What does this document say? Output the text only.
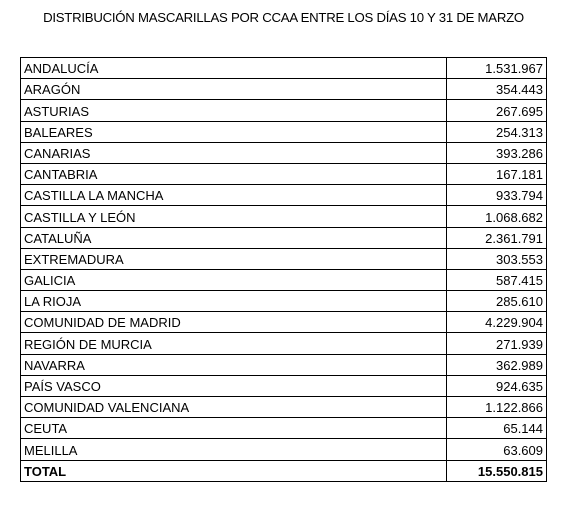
DISTRIBUCIÓN MASCARILLAS POR CCAA ENTRE LOS DÍAS 10 Y 31 DE MARZO
ANDALUCÍA	1.531.967
ARAGÓN	354.443
ASTURIAS	267.695
BALEARES	254.313
CANARIAS	393.286
CANTABRIA	167.181
CASTILLA LA MANCHA	933.794
CASTILLA Y LEÓN	1.068.682
CATALUÑA	2.361.791
EXTREMADURA	303.553
GALICIA	587.415
LA RIOJA	285.610
COMUNIDAD DE MADRID	4.229.904
REGIÓN DE MURCIA	271.939
NAVARRA	362.989
PAÍS VASCO	924.635
COMUNIDAD VALENCIANA	1.122.866
CEUTA	65.144
MELILLA	63.609
TOTAL	15.550.815
